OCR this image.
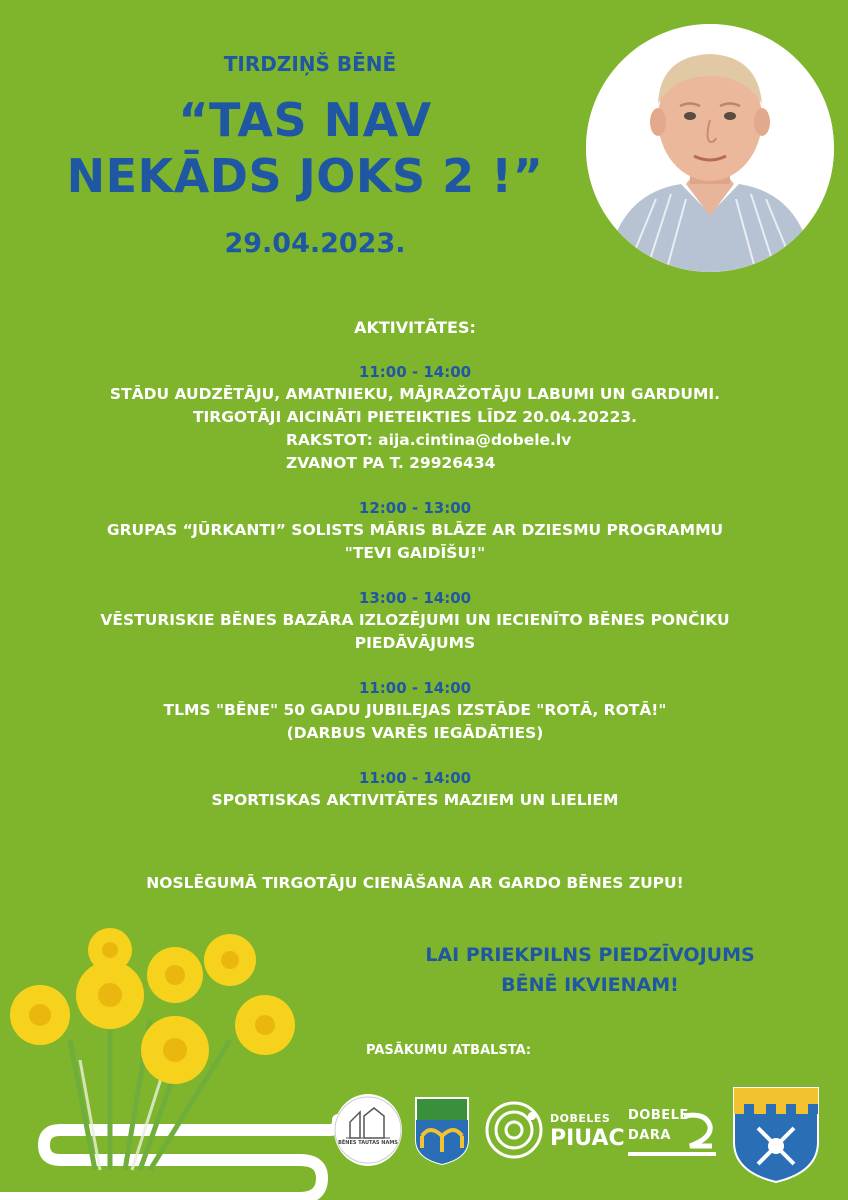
TIRDZIŅŠ BĒNĒ
“TAS NAV
NEKĀDS JOKS 2 !”
29.04.2023.
AKTIVITĀTES:
11:00 - 14:00
STĀDU AUDZĒTĀJU, AMATNIEKU, MĀJRAŽOTĀJU LABUMI UN GARDUMI.
TIRGOTĀJI AICINĀTI PIETEIKTIES LĪDZ 20.04.20223.
RAKSTOT: aija.cintina@dobele.lv
ZVANOT PA T. 29926434
12:00 - 13:00
GRUPAS “JŪRKANTI” SOLISTS MĀRIS BLĀZE AR DZIESMU PROGRAMMU
"TEVI GAIDĪŠU!"
13:00 - 14:00
VĒSTURISKIE BĒNES BAZĀRA IZLOZĒJUMI UN IECIENĪTO BĒNES PONČIKU
PIEDĀVĀJUMS
11:00 - 14:00
TLMS "BĒNE" 50 GADU JUBILEJAS IZSTĀDE "ROTĀ, ROTĀ!"
(DARBUS VARĒS IEGĀDĀTIES)
11:00 - 14:00
SPORTISKAS AKTIVITĀTES MAZIEM UN LIELIEM
NOSLĒGUMĀ TIRGOTĀJU CIENĀŠANA AR GARDO BĒNES ZUPU!
LAI PRIEKPILNS PIEDZĪVOJUMS
BĒNĒ IKVIENAM!
PASĀKUMU ATBALSTA:
BĒNES TAUTAS NAMS
DOBELES
PIUAC
DOBELE
DARA
